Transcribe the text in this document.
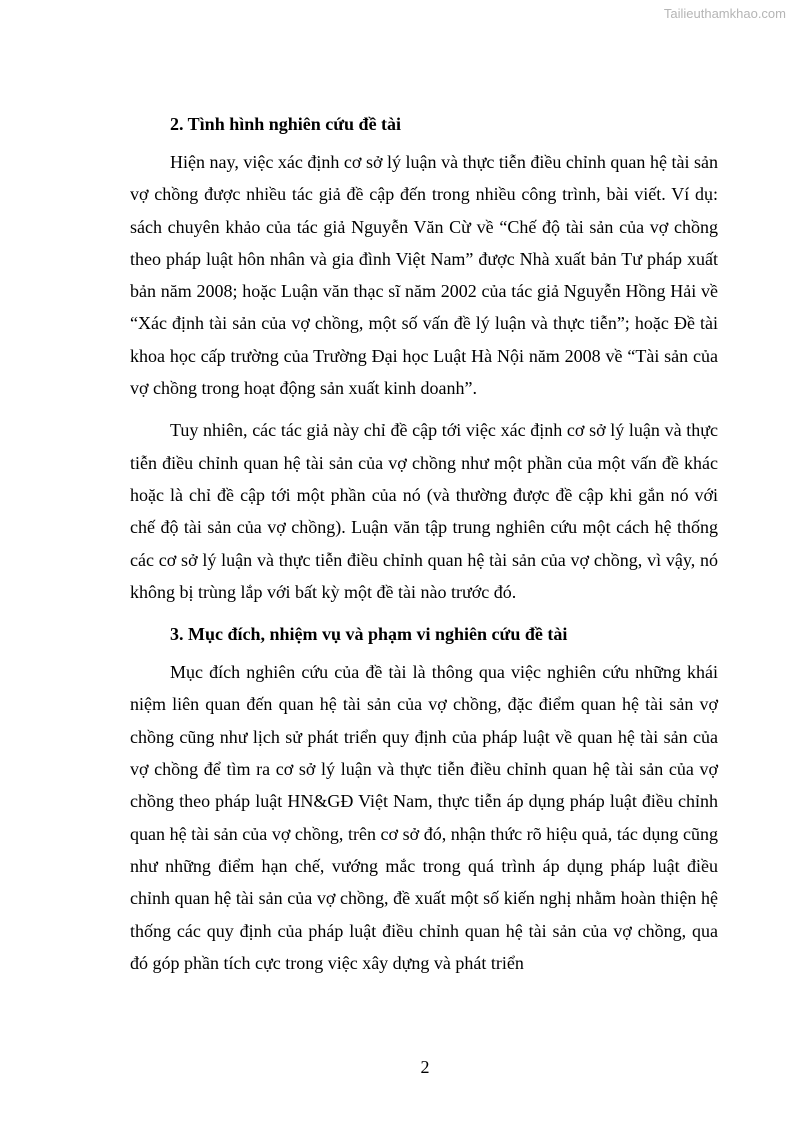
Tailieuthamkhao.com
2. Tình hình nghiên cứu đề tài

Hiện nay, việc xác định cơ sở lý luận và thực tiễn điều chỉnh quan hệ tài sản vợ chồng được nhiều tác giả đề cập đến trong nhiều công trình, bài viết. Ví dụ: sách chuyên khảo của tác giả Nguyễn Văn Cừ về “Chế độ tài sản của vợ chồng theo pháp luật hôn nhân và gia đình Việt Nam” được Nhà xuất bản Tư pháp xuất bản năm 2008; hoặc Luận văn thạc sĩ năm 2002 của tác giả Nguyễn Hồng Hải về “Xác định tài sản của vợ chồng, một số vấn đề lý luận và thực tiễn”; hoặc Đề tài khoa học cấp trường của Trường Đại học Luật Hà Nội năm 2008 về “Tài sản của vợ chồng trong hoạt động sản xuất kinh doanh”.

Tuy nhiên, các tác giả này chỉ đề cập tới việc xác định cơ sở lý luận và thực tiễn điều chỉnh quan hệ tài sản của vợ chồng như một phần của một vấn đề khác hoặc là chỉ đề cập tới một phần của nó (và thường được đề cập khi gắn nó với chế độ tài sản của vợ chồng). Luận văn tập trung nghiên cứu một cách hệ thống các cơ sở lý luận và thực tiễn điều chỉnh quan hệ tài sản của vợ chồng, vì vậy, nó không bị trùng lắp với bất kỳ một đề tài nào trước đó.

3. Mục đích, nhiệm vụ và phạm vi nghiên cứu đề tài

Mục đích nghiên cứu của đề tài là thông qua việc nghiên cứu những khái niệm liên quan đến quan hệ tài sản của vợ chồng, đặc điểm quan hệ tài sản vợ chồng cũng như lịch sử phát triển quy định của pháp luật về quan hệ tài sản của vợ chồng để tìm ra cơ sở lý luận và thực tiễn điều chỉnh quan hệ tài sản của vợ chồng theo pháp luật HN&GĐ Việt Nam, thực tiễn áp dụng pháp luật điều chỉnh quan hệ tài sản của vợ chồng, trên cơ sở đó, nhận thức rõ hiệu quả, tác dụng cũng như những điểm hạn chế, vướng mắc trong quá trình áp dụng pháp luật điều chỉnh quan hệ tài sản của vợ chồng, đề xuất một số kiến nghị nhằm hoàn thiện hệ thống các quy định của pháp luật điều chỉnh quan hệ tài sản của vợ chồng, qua đó góp phần tích cực trong việc xây dựng và phát triển

2
